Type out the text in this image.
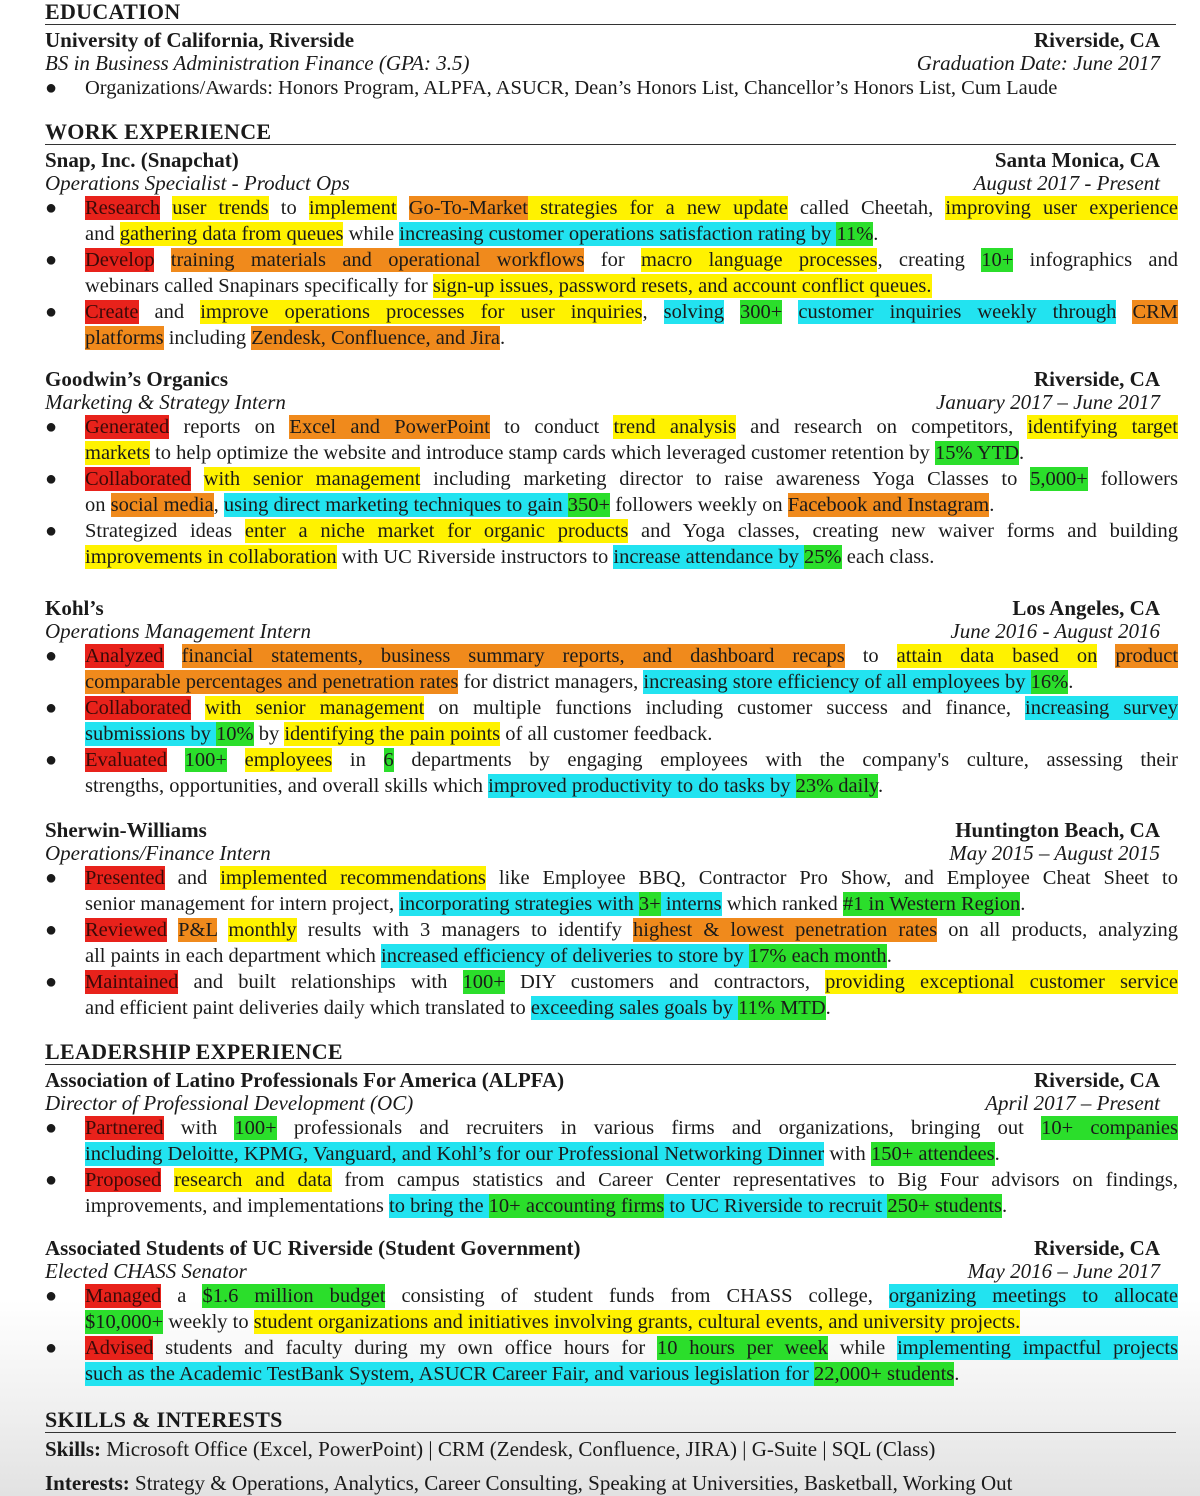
EDUCATION
University of California, Riverside	Riverside, CA
BS in Business Administration Finance (GPA: 3.5)	Graduation Date: June 2017
● Organizations/Awards: Honors Program, ALPFA, ASUCR, Dean’s Honors List, Chancellor’s Honors List, Cum Laude
WORK EXPERIENCE
Snap, Inc. (Snapchat)	Santa Monica, CA
Operations Specialist - Product Ops	August 2017 - Present
● Research user trends to implement Go-To-Market strategies for a new update called Cheetah, improving user experience
and gathering data from queues while increasing customer operations satisfaction rating by 11%.
● Develop training materials and operational workflows for macro language processes, creating 10+ infographics and
webinars called Snapinars specifically for sign-up issues, password resets, and account conflict queues.
● Create and improve operations processes for user inquiries, solving 300+ customer inquiries weekly through CRM
platforms including Zendesk, Confluence, and Jira.
Goodwin’s Organics	Riverside, CA
Marketing & Strategy Intern	January 2017 – June 2017
● Generated reports on Excel and PowerPoint to conduct trend analysis and research on competitors, identifying target
markets to help optimize the website and introduce stamp cards which leveraged customer retention by 15% YTD.
● Collaborated with senior management including marketing director to raise awareness Yoga Classes to 5,000+ followers
on social media, using direct marketing techniques to gain 350+ followers weekly on Facebook and Instagram.
● Strategized ideas enter a niche market for organic products and Yoga classes, creating new waiver forms and building
improvements in collaboration with UC Riverside instructors to increase attendance by 25% each class.
Kohl’s	Los Angeles, CA
Operations Management Intern	June 2016 - August 2016
● Analyzed financial statements, business summary reports, and dashboard recaps to attain data based on product
comparable percentages and penetration rates for district managers, increasing store efficiency of all employees by 16%.
● Collaborated with senior management on multiple functions including customer success and finance, increasing survey
submissions by 10% by identifying the pain points of all customer feedback.
● Evaluated 100+ employees in 6 departments by engaging employees with the company's culture, assessing their
strengths, opportunities, and overall skills which improved productivity to do tasks by 23% daily.
Sherwin-Williams	Huntington Beach, CA
Operations/Finance Intern	May 2015 – August 2015
● Presented and implemented recommendations like Employee BBQ, Contractor Pro Show, and Employee Cheat Sheet to
senior management for intern project, incorporating strategies with 3+ interns which ranked #1 in Western Region.
● Reviewed P&L monthly results with 3 managers to identify highest & lowest penetration rates on all products, analyzing
all paints in each department which increased efficiency of deliveries to store by 17% each month.
● Maintained and built relationships with 100+ DIY customers and contractors, providing exceptional customer service
and efficient paint deliveries daily which translated to exceeding sales goals by 11% MTD.
LEADERSHIP EXPERIENCE
Association of Latino Professionals For America (ALPFA)	Riverside, CA
Director of Professional Development (OC)	April 2017 – Present
● Partnered with 100+ professionals and recruiters in various firms and organizations, bringing out 10+ companies
including Deloitte, KPMG, Vanguard, and Kohl’s for our Professional Networking Dinner with 150+ attendees.
● Proposed research and data from campus statistics and Career Center representatives to Big Four advisors on findings,
improvements, and implementations to bring the 10+ accounting firms to UC Riverside to recruit 250+ students.
Associated Students of UC Riverside (Student Government)	Riverside, CA
Elected CHASS Senator	May 2016 – June 2017
● Managed a $1.6 million budget consisting of student funds from CHASS college, organizing meetings to allocate
$10,000+ weekly to student organizations and initiatives involving grants, cultural events, and university projects.
● Advised students and faculty during my own office hours for 10 hours per week while implementing impactful projects
such as the Academic TestBank System, ASUCR Career Fair, and various legislation for 22,000+ students.
SKILLS & INTERESTS
Skills: Microsoft Office (Excel, PowerPoint) | CRM (Zendesk, Confluence, JIRA) | G-Suite | SQL (Class)
Interests: Strategy & Operations, Analytics, Career Consulting, Speaking at Universities, Basketball, Working Out
